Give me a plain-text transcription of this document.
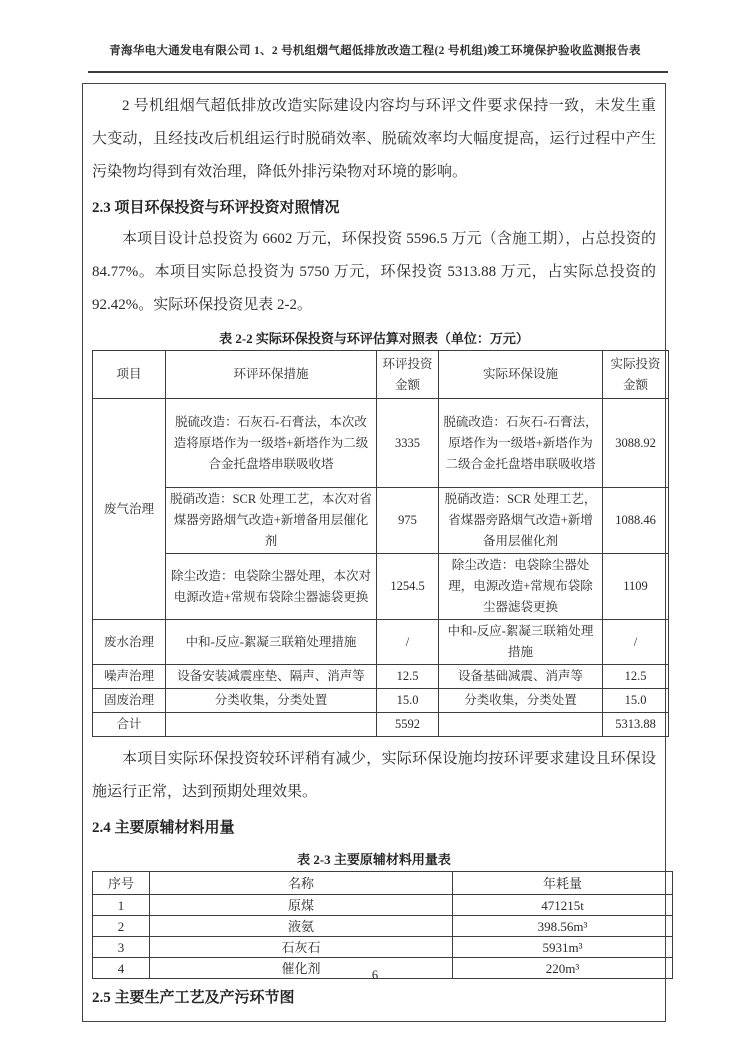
青海华电大通发电有限公司 1、2 号机组烟气超低排放改造工程(2 号机组)竣工环境保护验收监测报告表

2 号机组烟气超低排放改造实际建设内容均与环评文件要求保持一致，未发生重大变动，且经技改后机组运行时脱硝效率、脱硫效率均大幅度提高，运行过程中产生污染物均得到有效治理，降低外排污染物对环境的影响。

2.3 项目环保投资与环评投资对照情况

本项目设计总投资为 6602 万元，环保投资 5596.5 万元（含施工期），占总投资的 84.77%。本项目实际总投资为 5750 万元，环保投资 5313.88 万元，占实际总投资的 92.42%。实际环保投资见表 2-2。

表 2-2 实际环保投资与环评估算对照表（单位：万元）
项目	环评环保措施	环评投资金额	实际环保设施	实际投资金额
废气治理	脱硫改造：石灰石-石膏法，本次改造将原塔作为一级塔+新塔作为二级合金托盘塔串联吸收塔	3335	脱硫改造：石灰石-石膏法，原塔作为一级塔+新塔作为二级合金托盘塔串联吸收塔	3088.92
	脱硝改造：SCR 处理工艺，本次对省煤器旁路烟气改造+新增备用层催化剂	975	脱硝改造：SCR 处理工艺，省煤器旁路烟气改造+新增备用层催化剂	1088.46
	除尘改造：电袋除尘器处理，本次对电源改造+常规布袋除尘器滤袋更换	1254.5	除尘改造：电袋除尘器处理，电源改造+常规布袋除尘器滤袋更换	1109
废水治理	中和-反应-絮凝三联箱处理措施	/	中和-反应-絮凝三联箱处理措施	/
噪声治理	设备安装减震座垫、隔声、消声等	12.5	设备基础减震、消声等	12.5
固废治理	分类收集，分类处置	15.0	分类收集，分类处置	15.0
合计		5592		5313.88

本项目实际环保投资较环评稍有减少，实际环保设施均按环评要求建设且环保设施运行正常，达到预期处理效果。

2.4 主要原辅材料用量
表 2-3 主要原辅材料用量表
序号	名称	年耗量
1	原煤	471215t
2	液氨	398.56m³
3	石灰石	5931m³
4	催化剂	220m³
2.5 主要生产工艺及产污环节图
6
